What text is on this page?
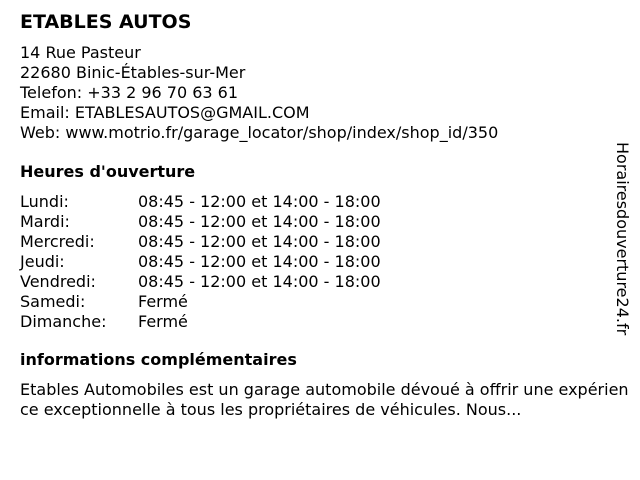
ETABLES AUTOS
14 Rue Pasteur
22680 Binic-Étables-sur-Mer
Telefon: +33 2 96 70 63 61
Email: ETABLESAUTOS@GMAIL.COM
Web: www.motrio.fr/garage_locator/shop/index/shop_id/350
Heures d'ouverture
Lundi:	08:45 - 12:00 et 14:00 - 18:00
Mardi:	08:45 - 12:00 et 14:00 - 18:00
Mercredi:	08:45 - 12:00 et 14:00 - 18:00
Jeudi:	08:45 - 12:00 et 14:00 - 18:00
Vendredi:	08:45 - 12:00 et 14:00 - 18:00
Samedi:	Fermé
Dimanche:	Fermé
informations complémentaires
Etables Automobiles est un garage automobile dévoué à offrir une expérience exceptionnelle à tous les propriétaires de véhicules. Nous...
Horairesdouverture24.fr
